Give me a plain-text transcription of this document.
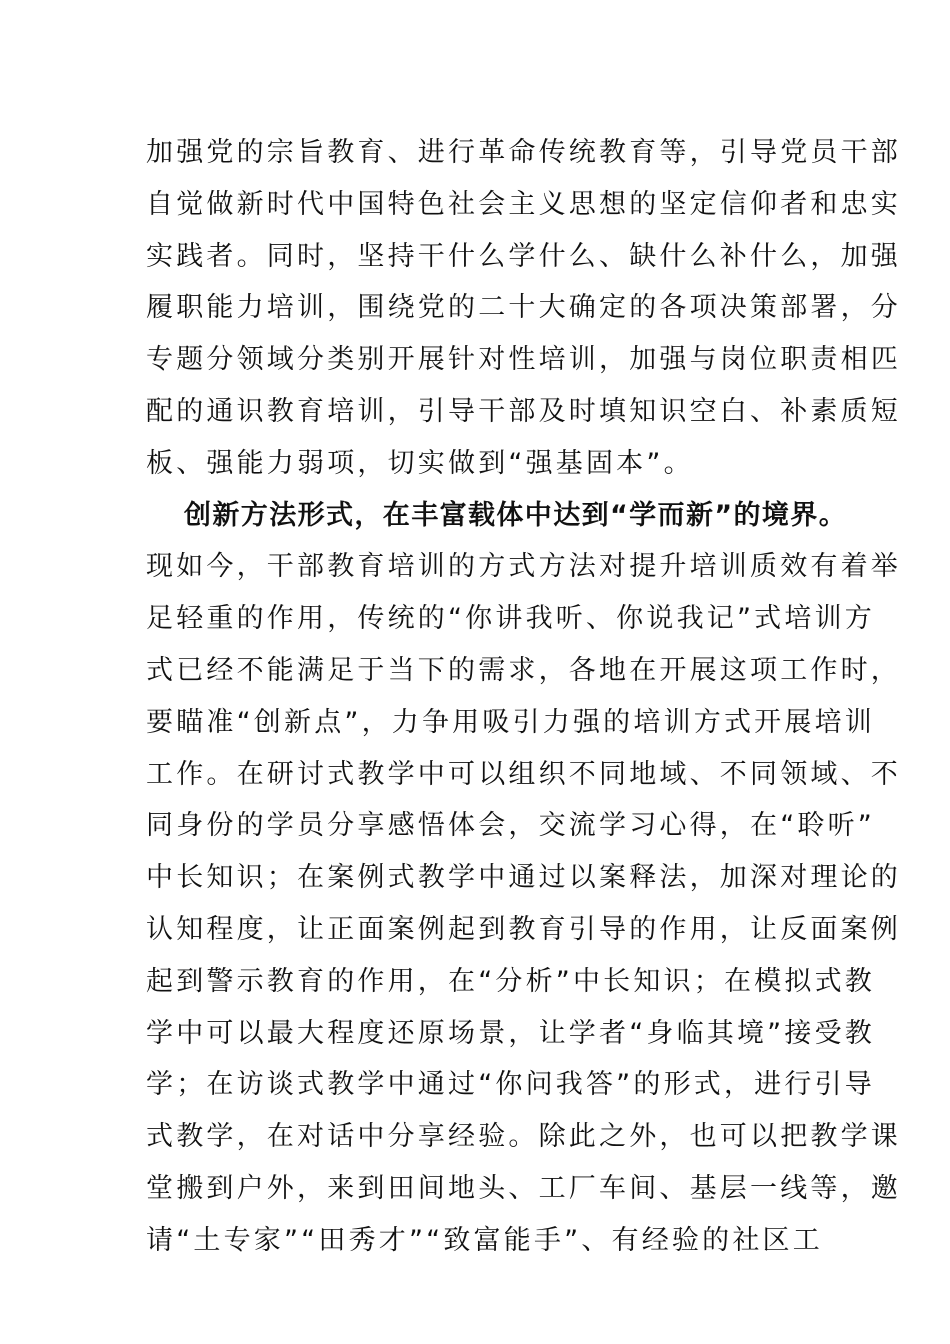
加强党的宗旨教育、进行革命传统教育等，引导党员干部
自觉做新时代中国特色社会主义思想的坚定信仰者和忠实
实践者。同时，坚持干什么学什么、缺什么补什么，加强
履职能力培训，围绕党的二十大确定的各项决策部署，分
专题分领域分类别开展针对性培训，加强与岗位职责相匹
配的通识教育培训，引导干部及时填知识空白、补素质短
板、强能力弱项，切实做到“强基固本”。
创新方法形式，在丰富载体中达到“学而新”的境界。
现如今，干部教育培训的方式方法对提升培训质效有着举
足轻重的作用，传统的“你讲我听、你说我记”式培训方
式已经不能满足于当下的需求，各地在开展这项工作时，
要瞄准“创新点”，力争用吸引力强的培训方式开展培训
工作。在研讨式教学中可以组织不同地域、不同领域、不
同身份的学员分享感悟体会，交流学习心得，在“聆听”
中长知识；在案例式教学中通过以案释法，加深对理论的
认知程度，让正面案例起到教育引导的作用，让反面案例
起到警示教育的作用，在“分析”中长知识；在模拟式教
学中可以最大程度还原场景，让学者“身临其境”接受教
学；在访谈式教学中通过“你问我答”的形式，进行引导
式教学，在对话中分享经验。除此之外，也可以把教学课
堂搬到户外，来到田间地头、工厂车间、基层一线等，邀
请“土专家”“田秀才”“致富能手”、有经验的社区工
